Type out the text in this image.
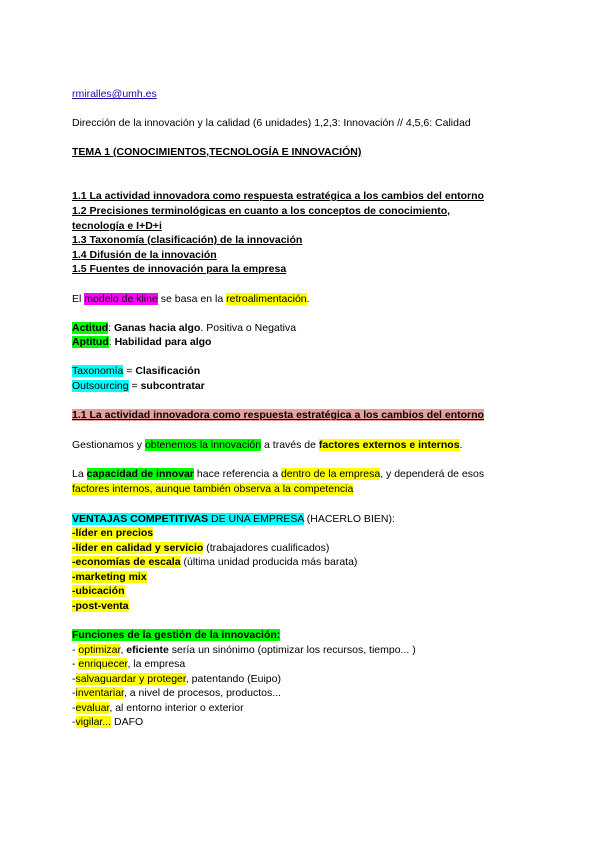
rmiralles@umh.es
Dirección de la innovación y la calidad (6 unidades) 1,2,3: Innovación // 4,5,6: Calidad
TEMA 1 (CONOCIMIENTOS,TECNOLOGÍA E INNOVACIÓN)
1.1 La actividad innovadora como respuesta estratégica a los cambios del entorno
1.2 Precisiones terminológicas en cuanto a los conceptos de conocimiento,
tecnología e I+D+i
1.3 Taxonomía (clasificación) de la innovación
1.4 Difusión de la innovación
1.5 Fuentes de innovación para la empresa
El modelo de kline se basa en la retroalimentación.
Actitud: Ganas hacia algo. Positiva o Negativa
Aptitud: Habilidad para algo
Taxonomía = Clasificación
Outsourcing = subcontratar
1.1 La actividad innovadora como respuesta estratégica a los cambios del entorno
Gestionamos y obtenemos la innovación a través de factores externos e internos.
La capacidad de innovar hace referencia a dentro de la empresa, y dependerá de esos
factores internos, aunque también observa a la competencia
VENTAJAS COMPETITIVAS DE UNA EMPRESA (HACERLO BIEN):
-líder en precios
-líder en calidad y servicio (trabajadores cualificados)
-economías de escala (última unidad producida más barata)
-marketing mix
-ubicación
-post-venta
Funciones de la gestión de la innovación:
- optimizar, eficiente sería un sinónimo (optimizar los recursos, tiempo... )
- enriquecer, la empresa
-salvaguardar y proteger, patentando (Euipo)
-inventariar, a nivel de procesos, productos...
-evaluar, al entorno interior o exterior
-vigilar... DAFO
